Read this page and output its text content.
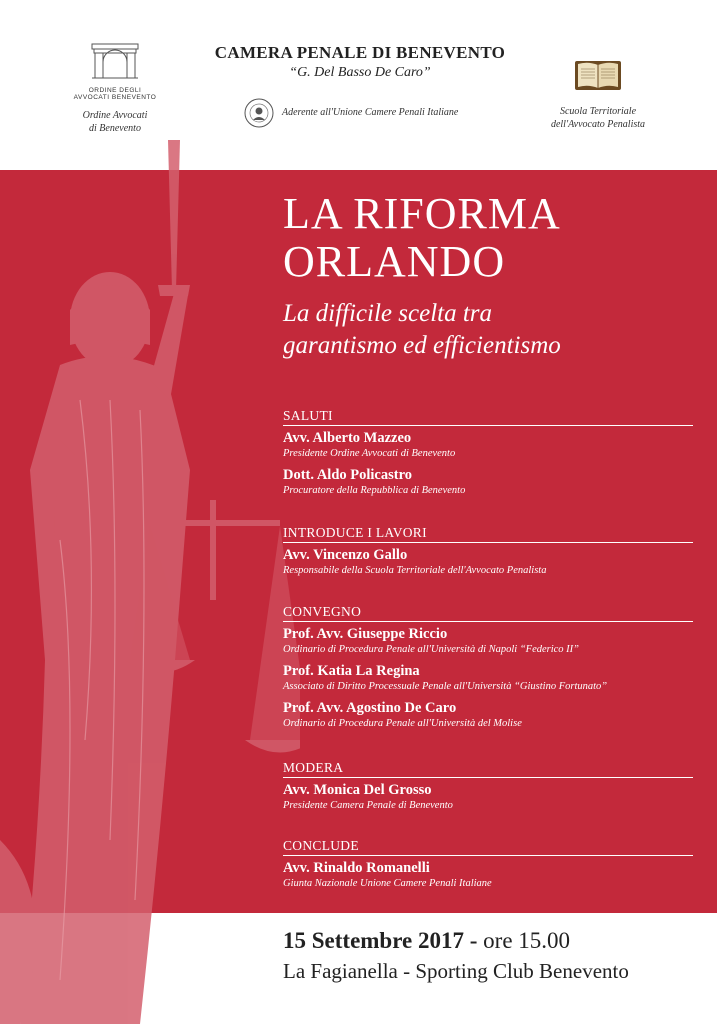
ORDINE DEGLI AVVOCATI BENEVENTO
Ordine Avvocati
di Benevento
CAMERA PENALE DI BENEVENTO
“G. Del Basso De Caro”
Aderente all'Unione Camere Penali Italiane	Scuola Territoriale
dell'Avvocato Penalista
LA RIFORMA
ORLANDO
La difficile scelta tra
garantismo ed efficientismo
SALUTI
Avv. Alberto Mazzeo
Presidente Ordine Avvocati di Benevento
Dott. Aldo Policastro
Procuratore della Repubblica di Benevento
INTRODUCE I LAVORI
Avv. Vincenzo Gallo
Responsabile della Scuola Territoriale dell'Avvocato Penalista
CONVEGNO
Prof. Avv. Giuseppe Riccio
Ordinario di Procedura Penale all'Università di Napoli “Federico II”
Prof. Katia La Regina
Associato di Diritto Processuale Penale all'Università “Giustino Fortunato”
Prof. Avv. Agostino De Caro
Ordinario di Procedura Penale all'Università del Molise
MODERA
Avv. Monica Del Grosso
Presidente Camera Penale di Benevento
CONCLUDE
Avv. Rinaldo Romanelli
Giunta Nazionale Unione Camere Penali Italiane
15 Settembre 2017 - ore 15.00
La Fagianella - Sporting Club Benevento
